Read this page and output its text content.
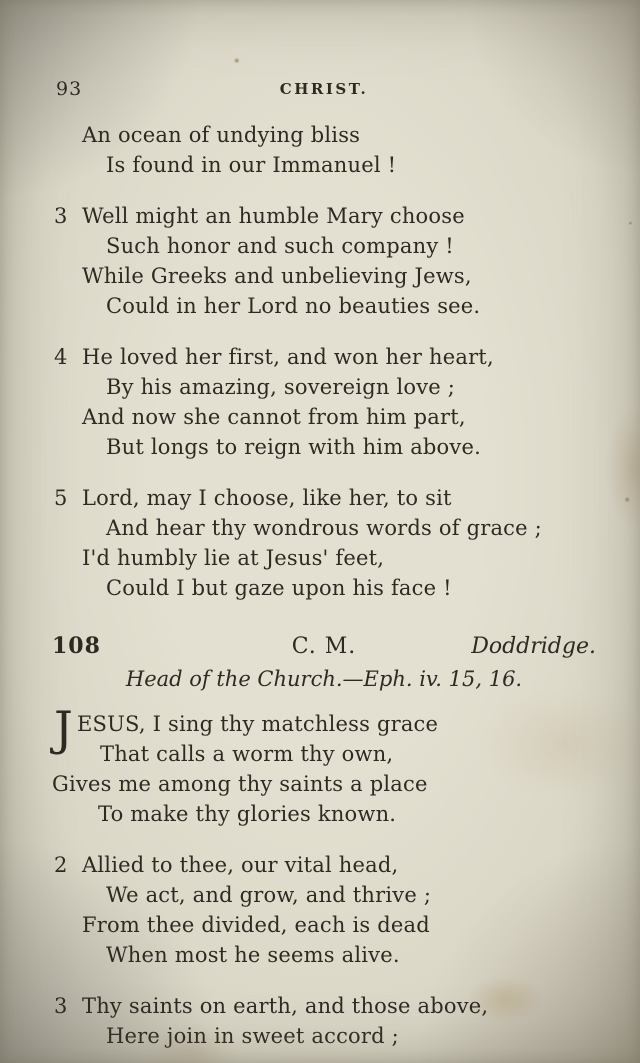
93	CHRIST.
An ocean of undying bliss
Is found in our Immanuel !
3 Well might an humble Mary choose
Such honor and such company !
While Greeks and unbelieving Jews,
Could in her Lord no beauties see.
4 He loved her first, and won her heart,
By his amazing, sovereign love ;
And now she cannot from him part,
But longs to reign with him above.
5 Lord, may I choose, like her, to sit
And hear thy wondrous words of grace ;
I'd humbly lie at Jesus' feet,
Could I but gaze upon his face !
108	C. M.	Doddridge.
Head of the Church.—Eph. iv. 15, 16.
J ESUS, I sing thy matchless grace
That calls a worm thy own,
Gives me among thy saints a place
To make thy glories known.
2 Allied to thee, our vital head,
We act, and grow, and thrive ;
From thee divided, each is dead
When most he seems alive.
3 Thy saints on earth, and those above,
Here join in sweet accord ;
